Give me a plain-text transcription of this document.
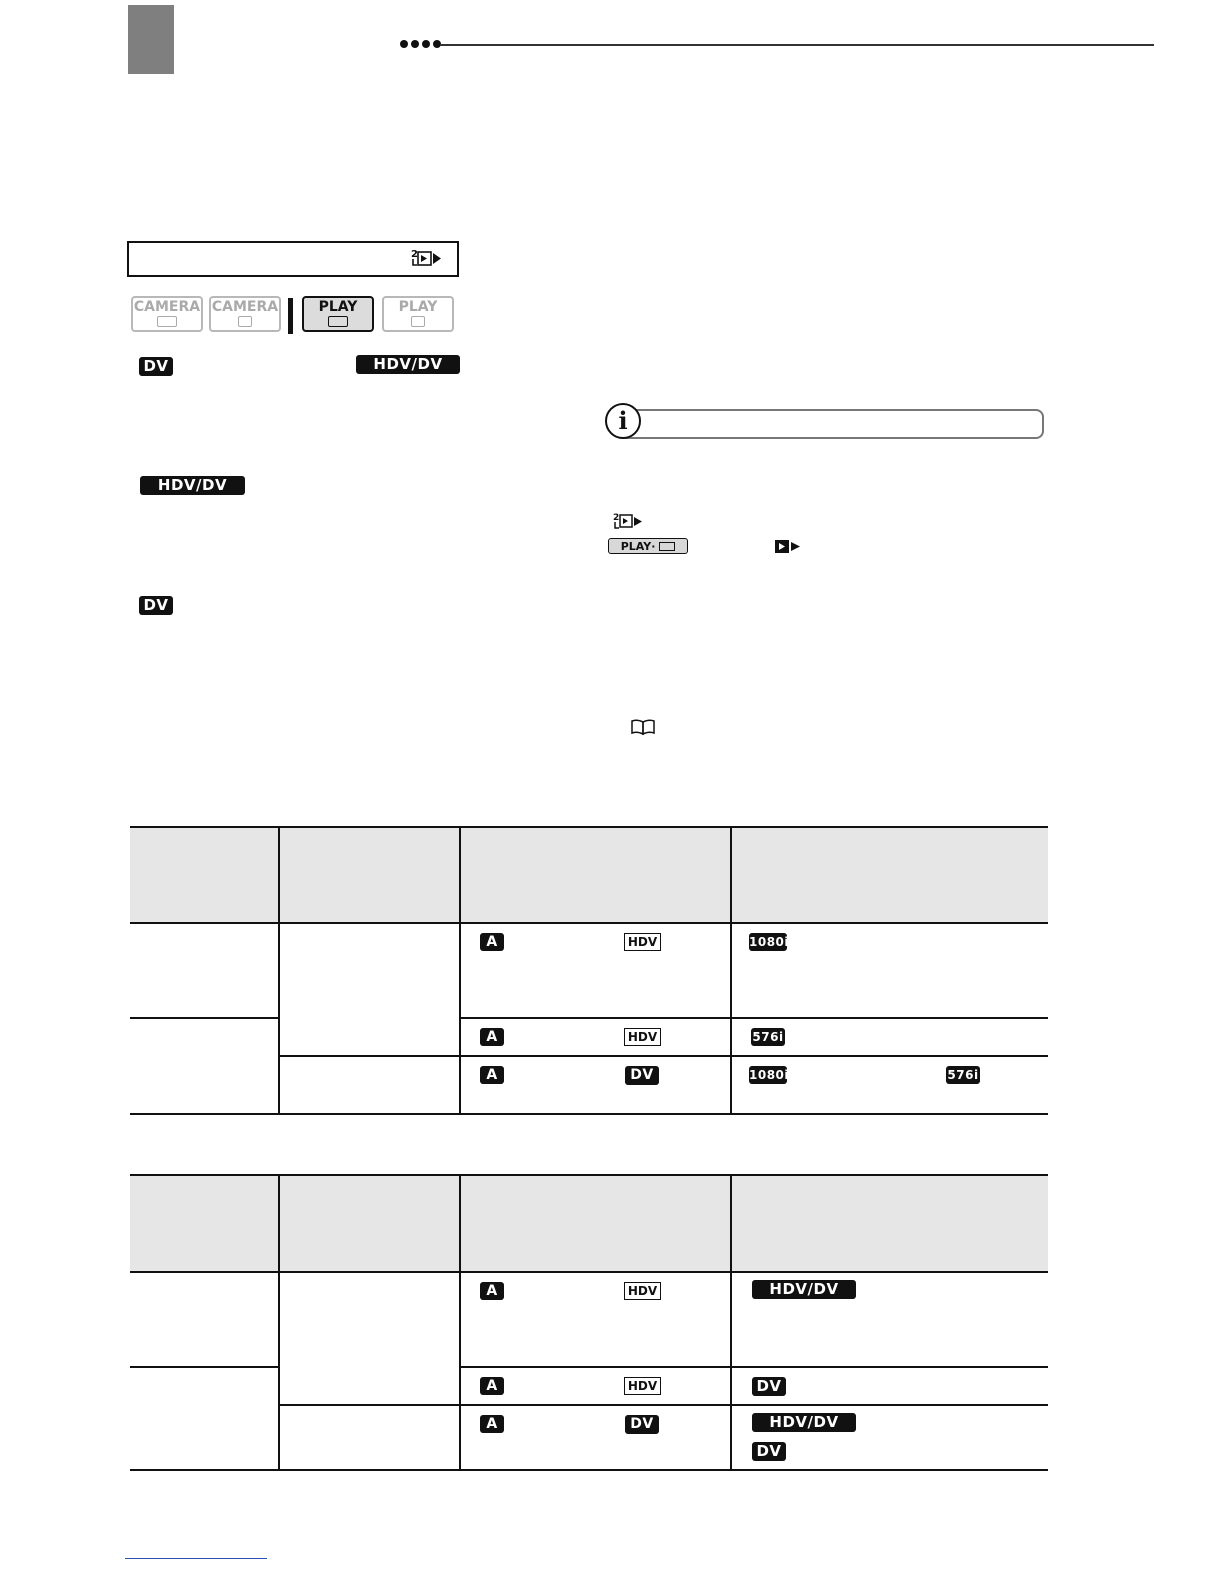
2
CAMERA CAMERA	PLAY	PLAY
DV	HDV/DV
HDV/DV
DV
i
2
PLAY·
A	HDV	1080i
A	HDV	576i
A	DV	1080i	576i
A	HDV	HDV/DV
A	HDV	DV
A	DV	HDV/DV
DV
